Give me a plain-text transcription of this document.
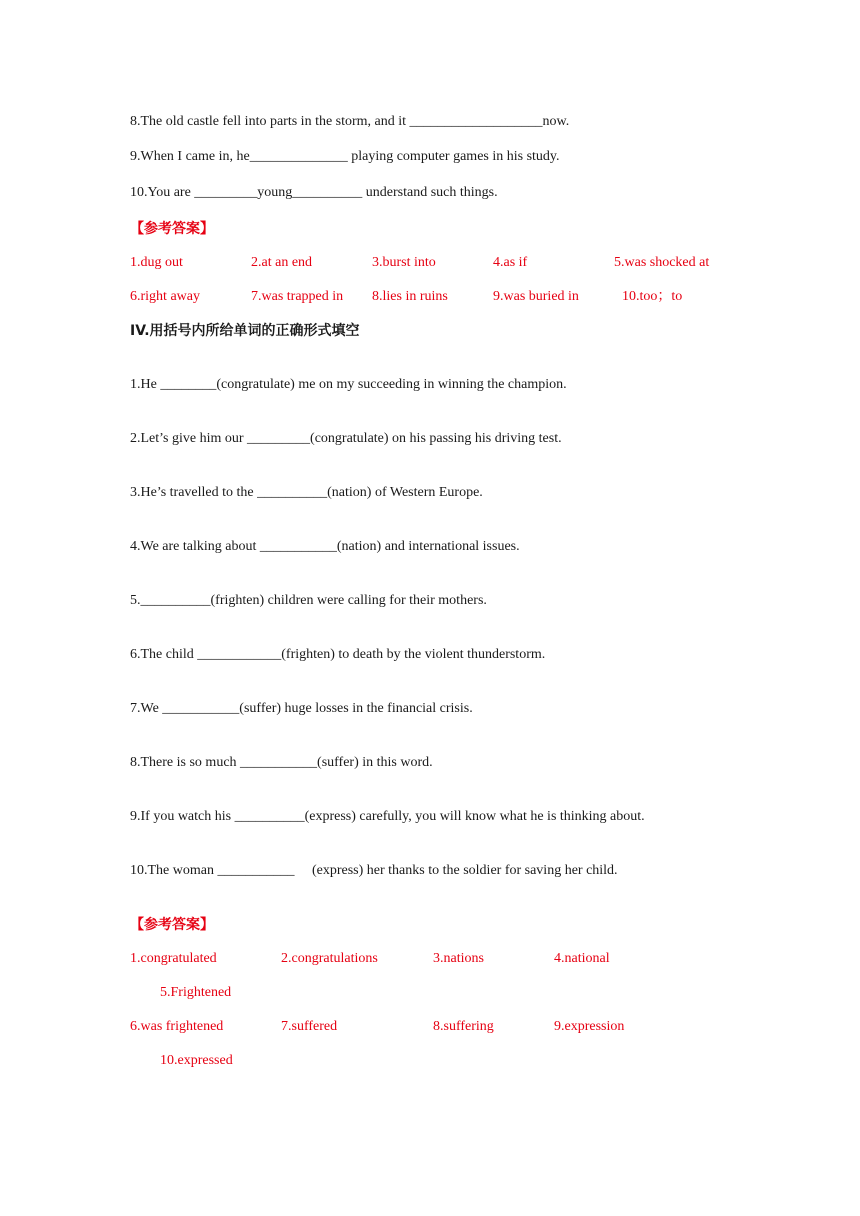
8.The old castle fell into parts in the storm, and it ___________________now.
9.When I came in, he______________ playing computer games in his study.
10.You are _________young__________ understand such things.
【参考答案】
1.dug out	2.at an end	3.burst into	4.as if	5.was shocked at
6.right away	7.was trapped in 8.lies in ruins	9.was buried in	10.too；to
IV.用括号内所给单词的正确形式填空
1.He ________(congratulate) me on my succeeding in winning the champion.
2.Let’s give him our _________(congratulate) on his passing his driving test.
3.He’s travelled to the __________(nation) of Western Europe.
4.We are talking about ___________(nation) and international issues.
5.__________(frighten) children were calling for their mothers.
6.The child ____________(frighten) to death by the violent thunderstorm.
7.We ___________(suffer) huge losses in the financial crisis.
8.There is so much ___________(suffer) in this word.
9.If you watch his __________(express) carefully, you will know what he is thinking about.
10.The woman ___________     (express) her thanks to the soldier for saving her child.
【参考答案】
1.congratulated	2.congratulations	3.nations	4.national
5.Frightened
6.was frightened	7.suffered	8.suffering	9.expression
10.expressed
